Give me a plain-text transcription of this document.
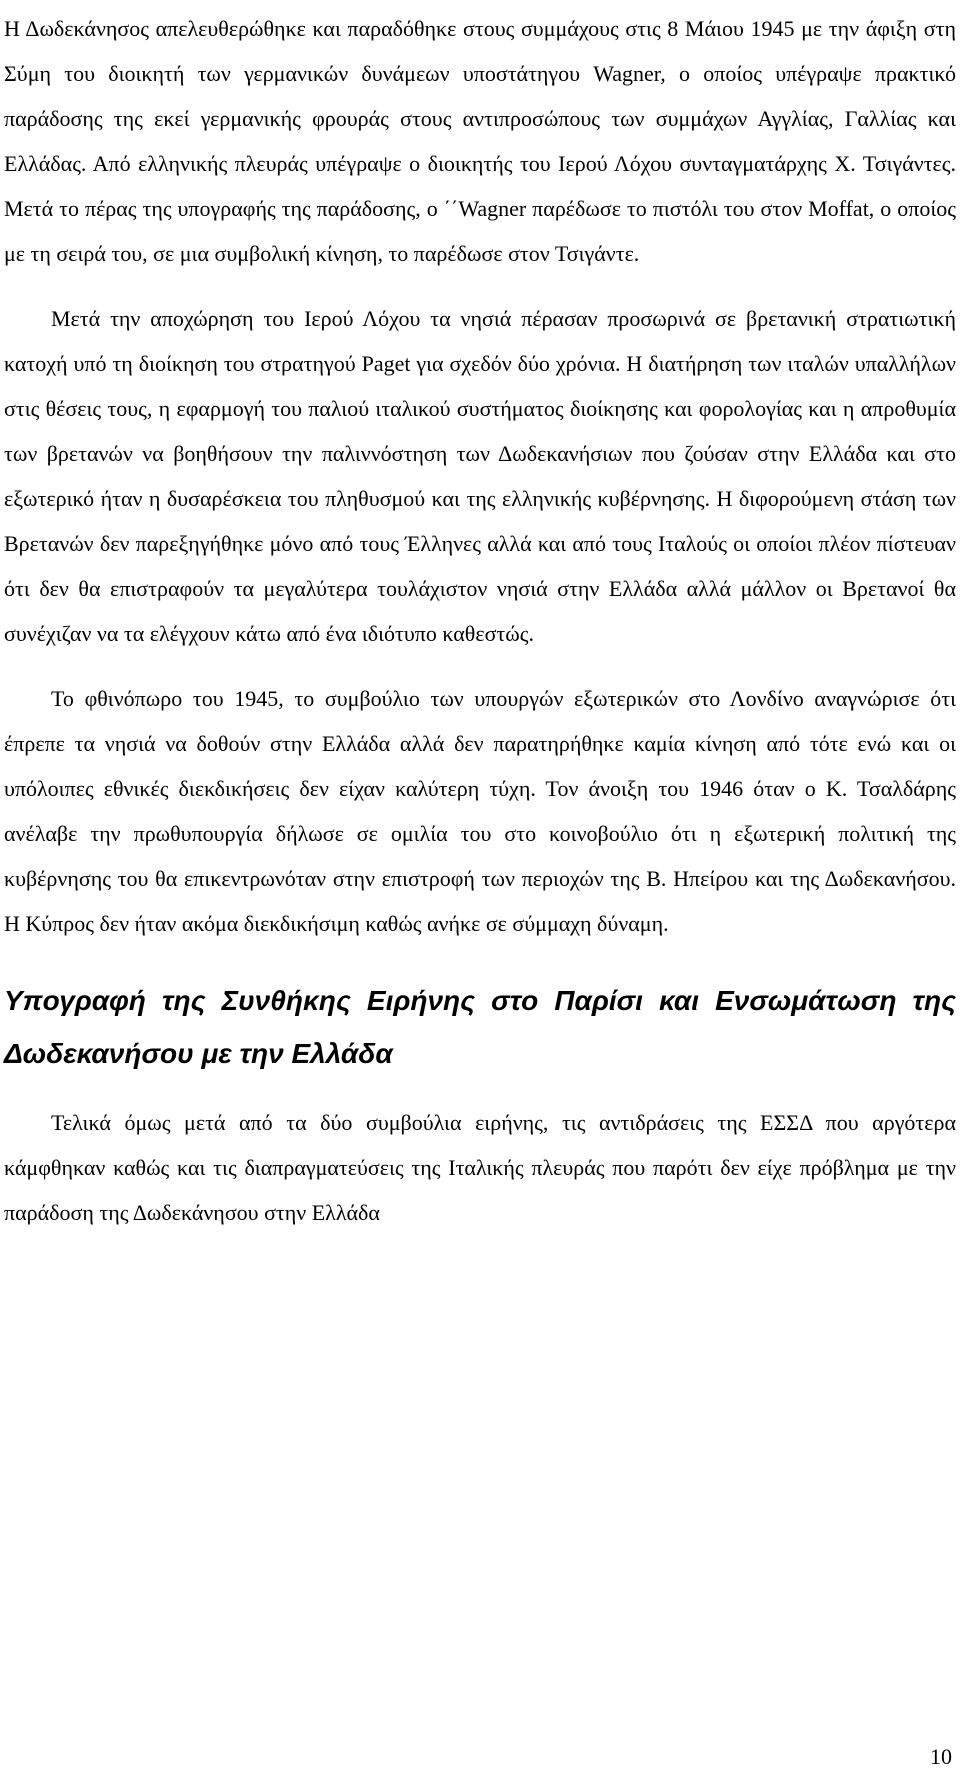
Η Δωδεκάνησος απελευθερώθηκε και παραδόθηκε στους συμμάχους στις 8 Μάιου 1945 με την άφιξη στη Σύμη του διοικητή των γερμανικών δυνάμεων υποστάτηγου Wagner, ο οποίος υπέγραψε πρακτικό παράδοσης της εκεί γερμανικής φρουράς στους αντιπροσώπους των συμμάχων Αγγλίας, Γαλλίας και Ελλάδας. Από ελληνικής πλευράς υπέγραψε ο διοικητής του Ιερού Λόχου συνταγματάρχης Χ. Τσιγάντες. Μετά το πέρας της υπογραφής της παράδοσης, ο ΄΄Wagner παρέδωσε το πιστόλι του στον Moffat, ο οποίος με τη σειρά του, σε μια συμβολική κίνηση, το παρέδωσε στον Τσιγάντε.

Μετά την αποχώρηση του Ιερού Λόχου τα νησιά πέρασαν προσωρινά σε βρετανική στρατιωτική κατοχή υπό τη διοίκηση του στρατηγού Paget για σχεδόν δύο χρόνια. Η διατήρηση των ιταλών υπαλλήλων στις θέσεις τους, η εφαρμογή του παλιού ιταλικού συστήματος διοίκησης και φορολογίας και η απροθυμία των βρετανών να βοηθήσουν την παλιννόστηση των Δωδεκανήσιων που ζούσαν στην Ελλάδα και στο εξωτερικό ήταν η δυσαρέσκεια του πληθυσμού και της ελληνικής κυβέρνησης. Η διφορούμενη στάση των Βρετανών δεν παρεξηγήθηκε μόνο από τους Έλληνες αλλά και από τους Ιταλούς οι οποίοι πλέον πίστευαν ότι δεν θα επιστραφούν τα μεγαλύτερα τουλάχιστον νησιά στην Ελλάδα αλλά μάλλον οι Βρετανοί θα συνέχιζαν να τα ελέγχουν κάτω από ένα ιδιότυπο καθεστώς.

Το φθινόπωρο του 1945, το συμβούλιο των υπουργών εξωτερικών στο Λονδίνο αναγνώρισε ότι έπρεπε τα νησιά να δοθούν στην Ελλάδα αλλά δεν παρατηρήθηκε καμία κίνηση από τότε ενώ και οι υπόλοιπες εθνικές διεκδικήσεις δεν είχαν καλύτερη τύχη. Τον άνοιξη του 1946 όταν ο Κ. Τσαλδάρης ανέλαβε την πρωθυπουργία δήλωσε σε ομιλία του στο κοινοβούλιο ότι η εξωτερική πολιτική της κυβέρνησης του θα επικεντρωνόταν στην επιστροφή των περιοχών της Β. Ηπείρου και της Δωδεκανήσου. Η Κύπρος δεν ήταν ακόμα διεκδικήσιμη καθώς ανήκε σε σύμμαχη δύναμη.

Υπογραφή της Συνθήκης Ειρήνης στο Παρίσι και Ενσωμάτωση της Δωδεκανήσου με την Ελλάδα

Τελικά όμως μετά από τα δύο συμβούλια ειρήνης, τις αντιδράσεις της ΕΣΣΔ που αργότερα κάμφθηκαν καθώς και τις διαπραγματεύσεις της Ιταλικής πλευράς που παρότι δεν είχε πρόβλημα με την παράδοση της Δωδεκάνησου στην Ελλάδα

10
